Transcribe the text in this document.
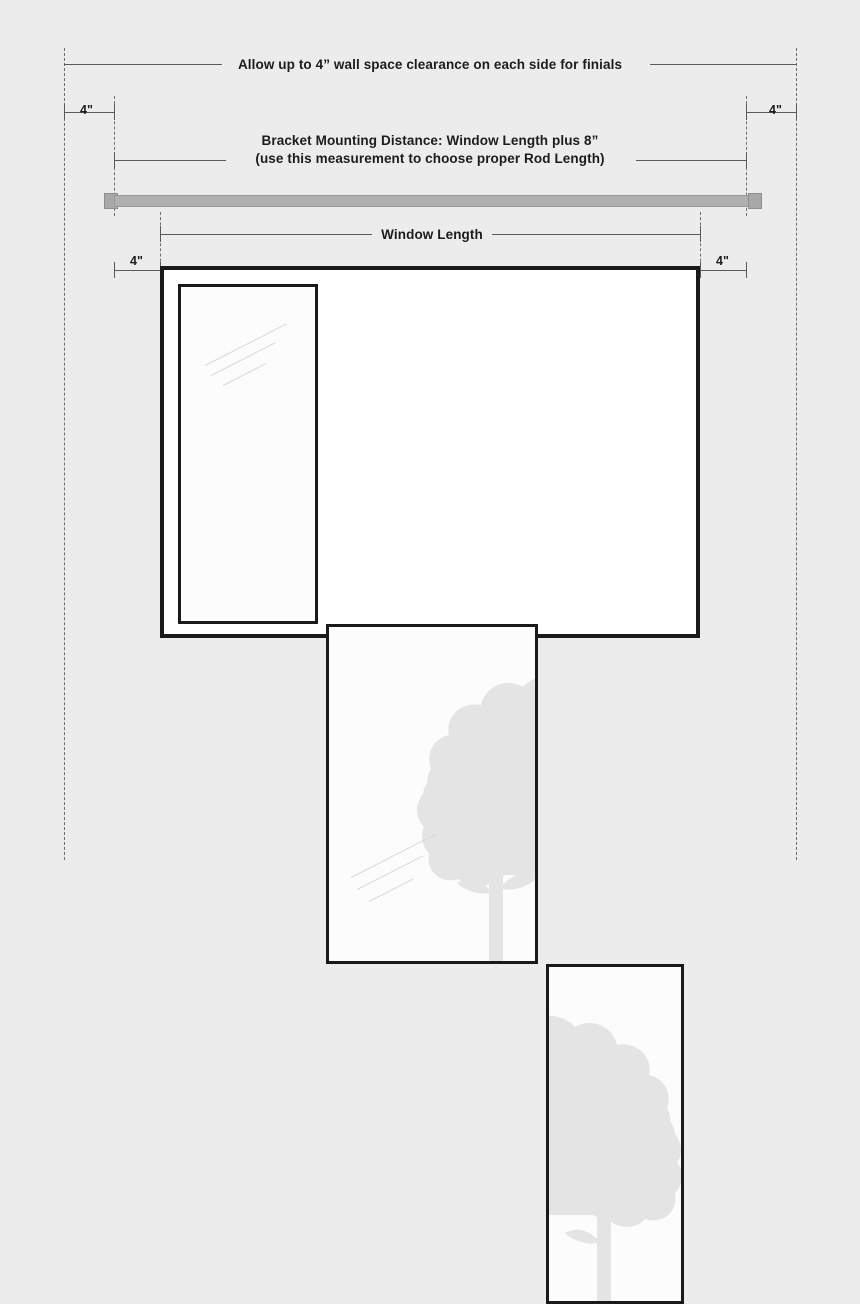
Allow up to 4” wall space clearance on each side for finials
4"	4"
Bracket Mounting Distance: Window Length plus 8”
(use this measurement to choose proper Rod Length)
Window Length
4"	4"
